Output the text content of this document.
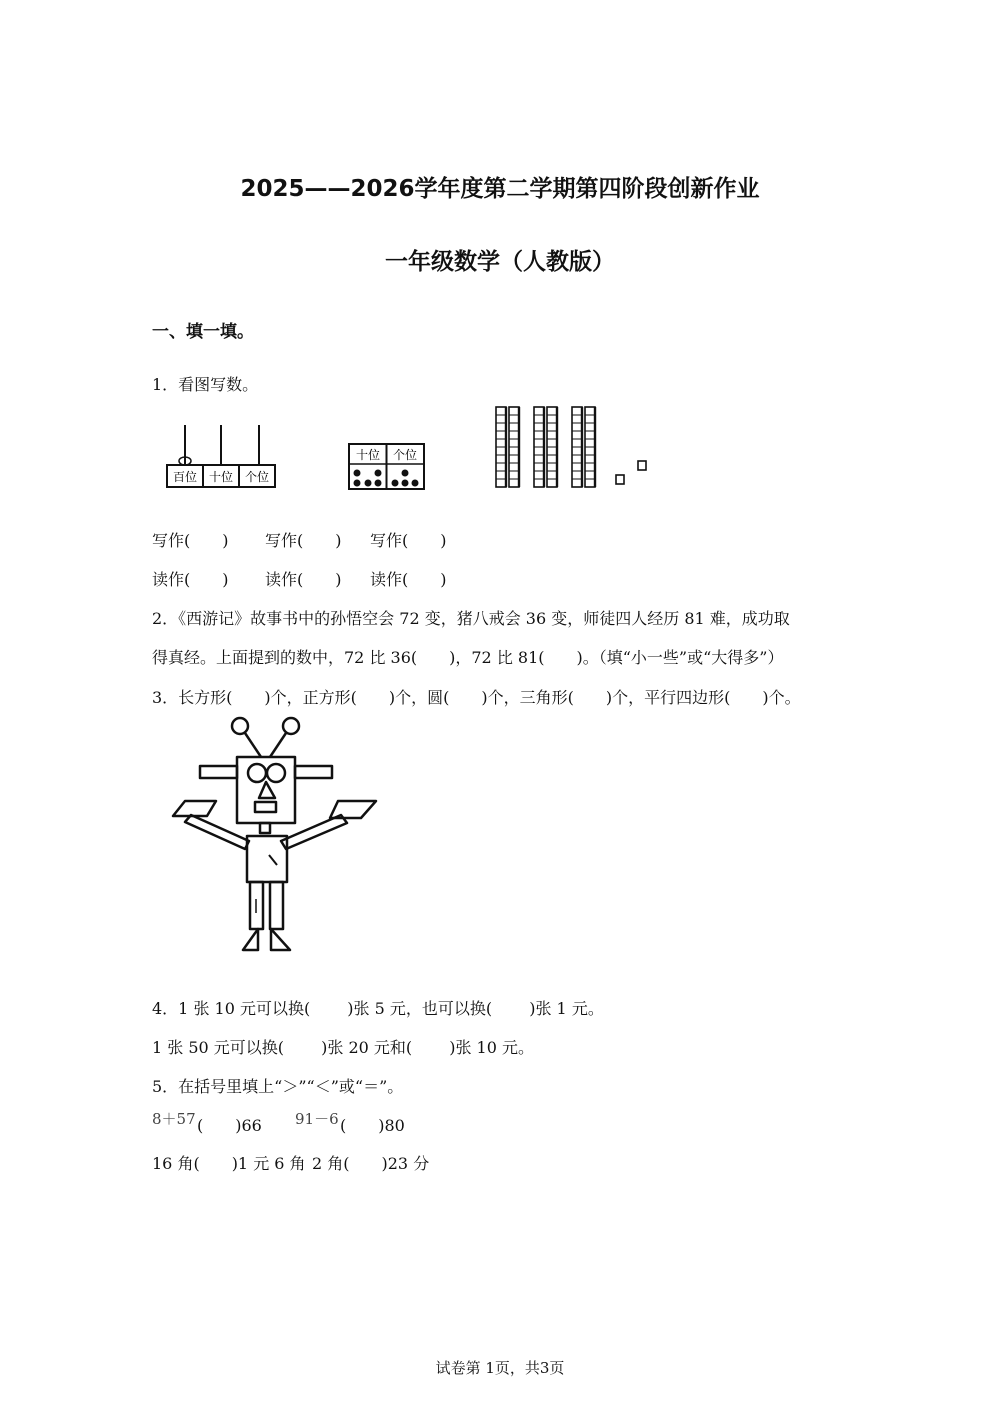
2025——2026学年度第二学期第四阶段创新作业
一年级数学（人教版）
一、填一填。
1．看图写数。
百位 十位 个位
十位 个位
写作(　　) 写作(　　) 写作(　　)
读作(　　) 读作(　　) 读作(　　)
2．《西游记》故事书中的孙悟空会 72 变，猪八戒会 36 变，师徒四人经历 81 难，成功取
得真经。上面提到的数中，72 比 36(　　)，72 比 81(　　)。（填“小一些”或“大得多”）
3．长方形(　　)个，正方形(　　)个，圆(　　)个，三角形(　　)个，平行四边形(　　)个。
4．1 张 10 元可以换(　　 )张 5 元，也可以换(　　 )张 1 元。
1 张 50 元可以换(　　 )张 20 元和(　　 )张 10 元。
5．在括号里填上“＞”“＜”或“＝”。
8＋57 (　　)66 91－6 (　　)80
16 角(　　)1 元 6 角 2 角(　　)23 分
试卷第 1页，共3页
